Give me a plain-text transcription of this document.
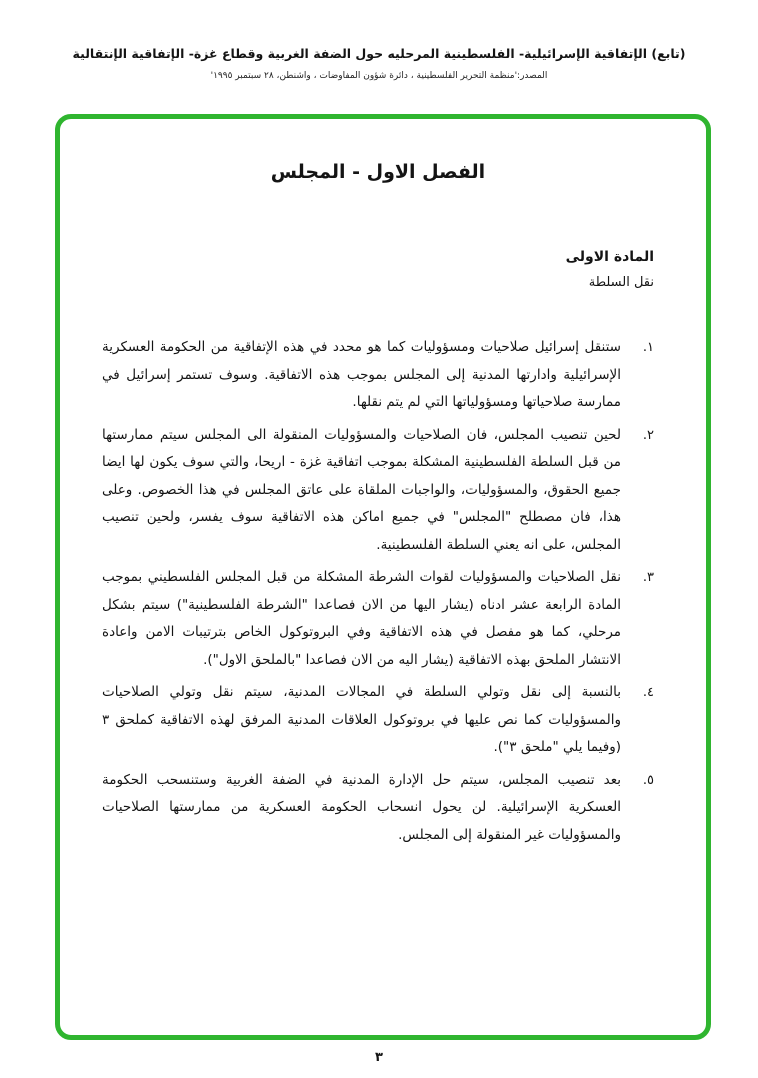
(تابع) الإتفاقية الإسرائيلية- الفلسطينية المرحليه حول الضفة الغربية وقطاع غزة- الإتفاقية الإنتقالية
المصدر:'منظمة التحرير الفلسطينية ، دائرة شؤون المفاوضات ، واشنطن، ٢٨ سبتمبر ١٩٩٥'
الفصل الاول - المجلس
المادة الاولى
نقل السلطة
١.
ستنقل إسرائيل صلاحيات ومسؤوليات كما هو محدد في هذه الإتفاقية من الحكومة العسكرية الإسرائيلية وادارتها المدنية إلى المجلس بموجب هذه الاتفاقية. وسوف تستمر إسرائيل في ممارسة صلاحياتها ومسؤولياتها التي لم يتم نقلها.
٢.
لحين تنصيب المجلس، فان الصلاحيات والمسؤوليات المنقولة الى المجلس سيتم ممارستها من قبل السلطة الفلسطينية المشكلة بموجب اتفاقية غزة - اريحا، والتي سوف يكون لها ايضا جميع الحقوق، والمسؤوليات، والواجبات الملقاة على عاتق المجلس في هذا الخصوص. وعلى هذا، فان مصطلح "المجلس" في جميع اماكن هذه الاتفاقية سوف يفسر، ولحين تنصيب المجلس، على انه يعني السلطة الفلسطينية.
٣.
نقل الصلاحيات والمسؤوليات لقوات الشرطة المشكلة من قبل المجلس الفلسطيني بموجب المادة الرابعة عشر ادناه (يشار اليها من الان فصاعدا "الشرطة الفلسطينية") سيتم بشكل مرحلي، كما هو مفصل في هذه الاتفاقية وفي البروتوكول الخاص بترتيبات الامن واعادة الانتشار الملحق بهذه الاتفاقية (يشار اليه من الان فصاعدا "بالملحق الاول").
٤.
بالنسبة إلى نقل وتولي السلطة في المجالات المدنية، سيتم نقل وتولي الصلاحيات والمسؤوليات كما نص عليها في بروتوكول العلاقات المدنية المرفق لهذه الاتفاقية كملحق ٣ (وفيما يلي "ملحق ٣").
٥.
بعد تنصيب المجلس، سيتم حل الإدارة المدنية في الضفة الغربية وستنسحب الحكومة العسكرية الإسرائيلية. لن يحول انسحاب الحكومة العسكرية من ممارستها الصلاحيات والمسؤوليات غير المنقولة إلى المجلس.
٣
